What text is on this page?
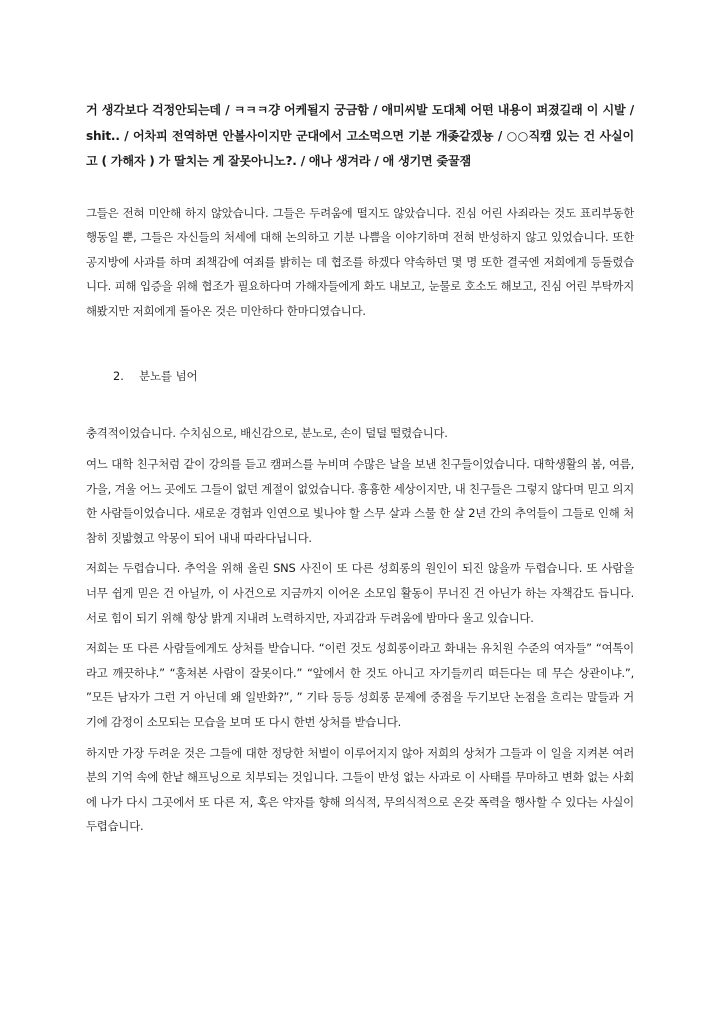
거 생각보다 걱정안되는데 / ㅋㅋㅋ걍 어케될지 궁금함 / 애미씨발 도대체 어떤 내용이 퍼졌길래 이 시발 / shit.. / 어차피 전역하면 안볼사이지만 군대에서 고소먹으면 기분 개좆같겠뇽 / ○○직캠 있는 건 사실이고 ( 가해자 ) 가 딸치는 게 잘못아니노?. / 애나 생겨라 / 애 생기면 줒꿀잼

그들은 전혀 미안해 하지 않았습니다. 그들은 두려움에 떨지도 않았습니다. 진심 어린 사죄라는 것도 표리부동한 행동일 뿐, 그들은 자신들의 처세에 대해 논의하고 기분 나쁨을 이야기하며 전혀 반성하지 않고 있었습니다. 또한 공지방에 사과를 하며 죄책감에 여죄를 밝히는 데 협조를 하겠다 약속하던 몇 명 또한 결국엔 저희에게 등돌렸습니다. 피해 입증을 위해 협조가 필요하다며 가해자들에게 화도 내보고, 눈물로 호소도 해보고, 진심 어린 부탁까지 해봤지만 저희에게 돌아온 것은 미안하다 한마디였습니다.

2. 분노를 넘어

충격적이었습니다. 수치심으로, 배신감으로, 분노로, 손이 덜덜 떨렸습니다.

여느 대학 친구처럼 같이 강의를 듣고 캠퍼스를 누비며 수많은 날을 보낸 친구들이었습니다. 대학생활의 봄, 여름, 가을, 겨울 어느 곳에도 그들이 없던 계절이 없었습니다. 흉흉한 세상이지만, 내 친구들은 그렇지 않다며 믿고 의지한 사람들이었습니다. 새로운 경험과 인연으로 빛나야 할 스무 살과 스물 한 살 2년 간의 추억들이 그들로 인해 처참히 짓밟혔고 악몽이 되어 내내 따라다닙니다.

저희는 두렵습니다. 추억을 위해 올린 SNS 사진이 또 다른 성희롱의 원인이 되진 않을까 두렵습니다. 또 사람을 너무 쉽게 믿은 건 아닐까, 이 사건으로 지금까지 이어온 소모임 활동이 무너진 건 아닌가 하는 자책감도 듭니다. 서로 힘이 되기 위해 항상 밝게 지내려 노력하지만, 자괴감과 두려움에 밤마다 울고 있습니다.

저희는 또 다른 사람들에게도 상처를 받습니다. “이런 것도 성희롱이라고 화내는 유치원 수준의 여자들” “여톡이라고 깨끗하냐.” “훔쳐본 사람이 잘못이다.” “앞에서 한 것도 아니고 자기들끼리 떠든다는 데 무슨 상관이냐.”, ”모든 남자가 그런 거 아닌데 왜 일반화?”, ” 기타 등등 성희롱 문제에 중점을 두기보단 논점을 흐리는 말들과 거기에 감정이 소모되는 모습을 보며 또 다시 한번 상처를 받습니다.

하지만 가장 두려운 것은 그들에 대한 정당한 처벌이 이루어지지 않아 저희의 상처가 그들과 이 일을 지켜본 여러분의 기억 속에 한낱 해프닝으로 치부되는 것입니다. 그들이 반성 없는 사과로 이 사태를 무마하고 변화 없는 사회에 나가 다시 그곳에서 또 다른 저, 혹은 약자를 향해 의식적, 무의식적으로 온갖 폭력을 행사할 수 있다는 사실이 두렵습니다.
